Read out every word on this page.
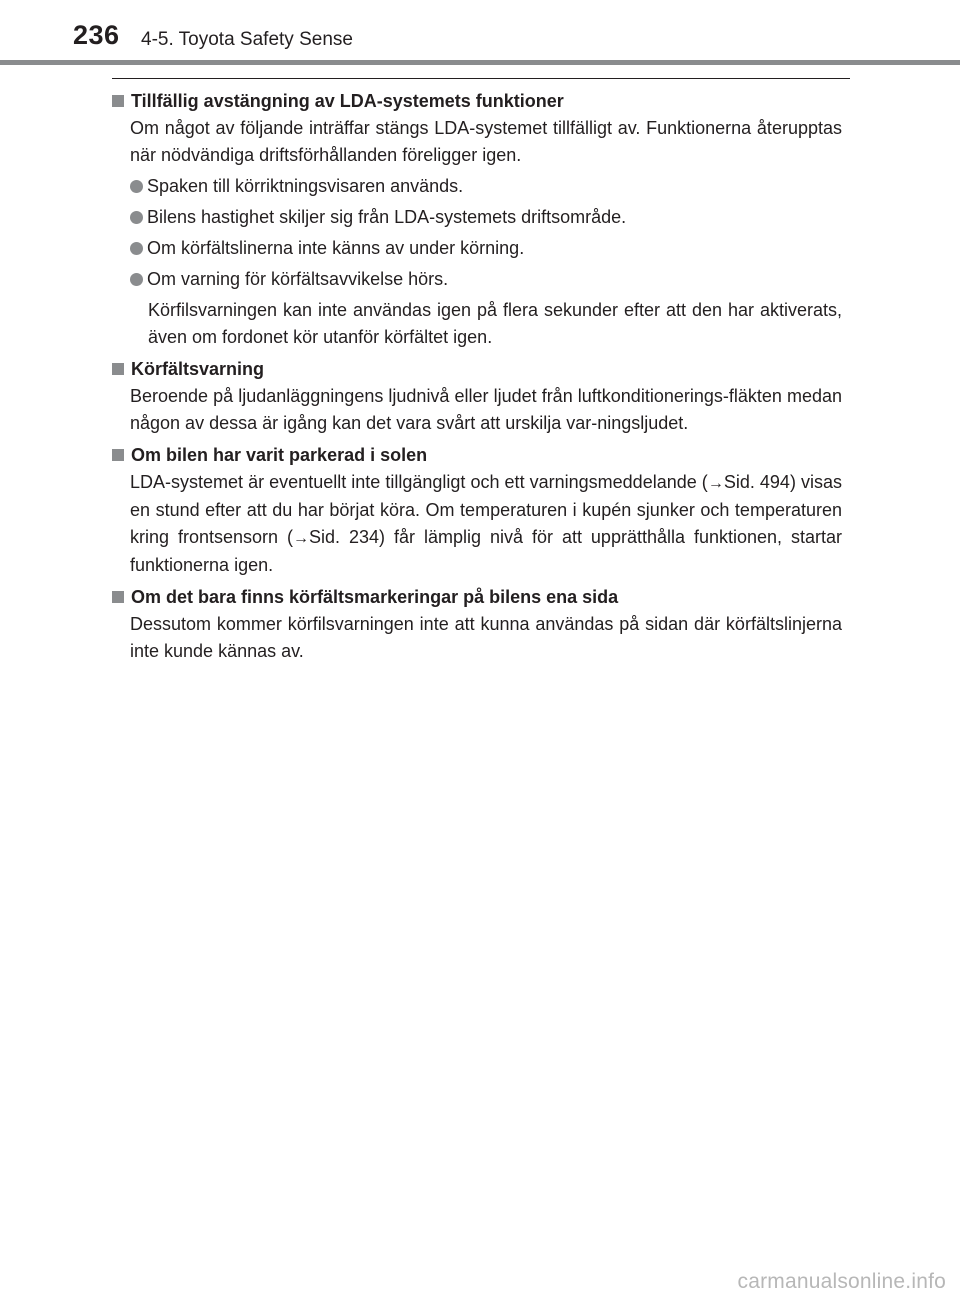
236 4-5. Toyota Safety Sense
Tillfällig avstängning av LDA-systemets funktioner
Om något av följande inträffar stängs LDA-systemet tillfälligt av. Funktionerna återupptas när nödvändiga driftsförhållanden föreligger igen.
Spaken till körriktningsvisaren används.
Bilens hastighet skiljer sig från LDA-systemets driftsområde.
Om körfältslinerna inte känns av under körning.
Om varning för körfältsavvikelse hörs.
Körfilsvarningen kan inte användas igen på flera sekunder efter att den har aktiverats, även om fordonet kör utanför körfältet igen.
Körfältsvarning
Beroende på ljudanläggningens ljudnivå eller ljudet från luftkonditionerings-fläkten medan någon av dessa är igång kan det vara svårt att urskilja var-ningsljudet.
Om bilen har varit parkerad i solen
LDA-systemet är eventuellt inte tillgängligt och ett varningsmeddelande (→Sid. 494) visas en stund efter att du har börjat köra. Om temperaturen i kupén sjunker och temperaturen kring frontsensorn (→Sid. 234) får lämplig nivå för att upprätthålla funktionen, startar funktionerna igen.
Om det bara finns körfältsmarkeringar på bilens ena sida
Dessutom kommer körfilsvarningen inte att kunna användas på sidan där körfältslinjerna inte kunde kännas av.
carmanualsonline.info
